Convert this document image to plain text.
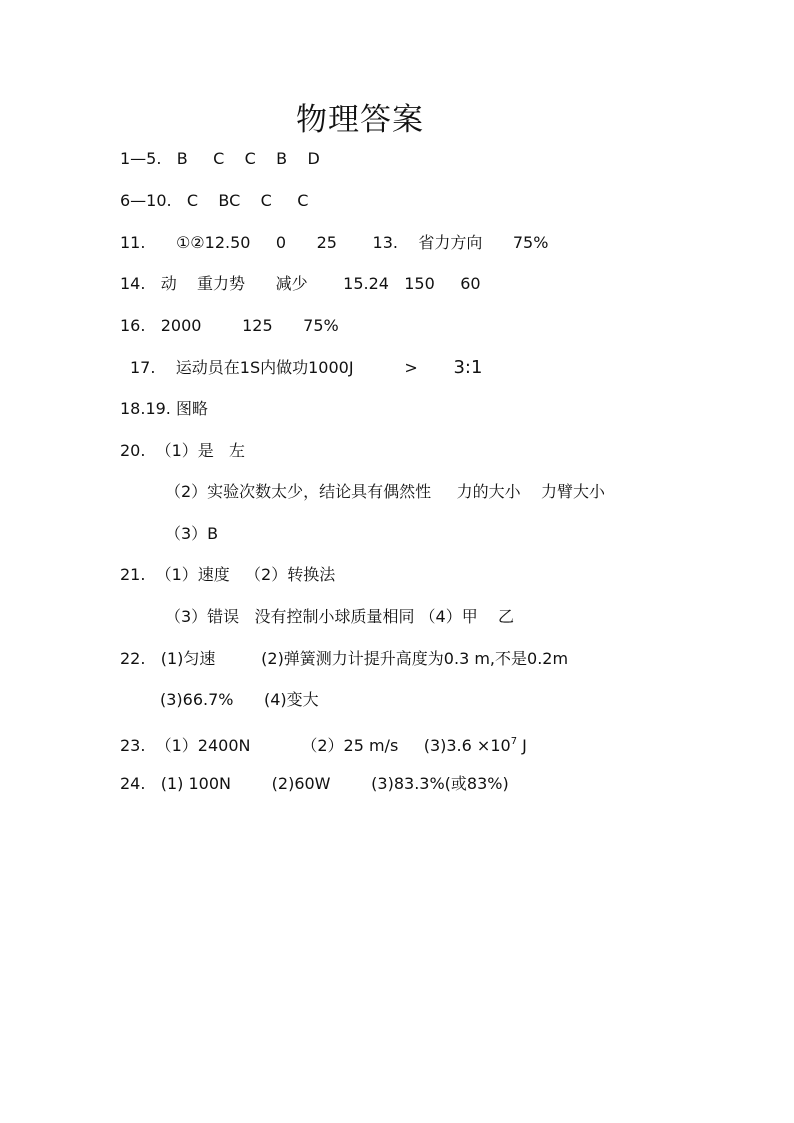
物理答案
1—5.   B     C    C    B    D
6—10.   C    BC    C     C
11.      ①②12.50     0      25       13.    省力方向      75%
14.   动    重力势      减少       15.24   150     60
16.   2000        125      75%
17.    运动员在1S内做功1000J          >       3:1
18.19. 图略
20.  （1）是   左
（2）实验次数太少，结论具有偶然性     力的大小    力臂大小
（3）B
21.  （1）速度   （2）转换法
（3）错误   没有控制小球质量相同 （4）甲    乙
22.   (1)匀速         (2)弹簧测力计提升高度为0.3 m,不是0.2m
(3)66.7%      (4)变大
23.  （1）2400N          （2）25 m/s     $(3)3.6 \times 10^7$ J
24.   (1) 100N        (2)60W        (3)83.3%(或83%)
